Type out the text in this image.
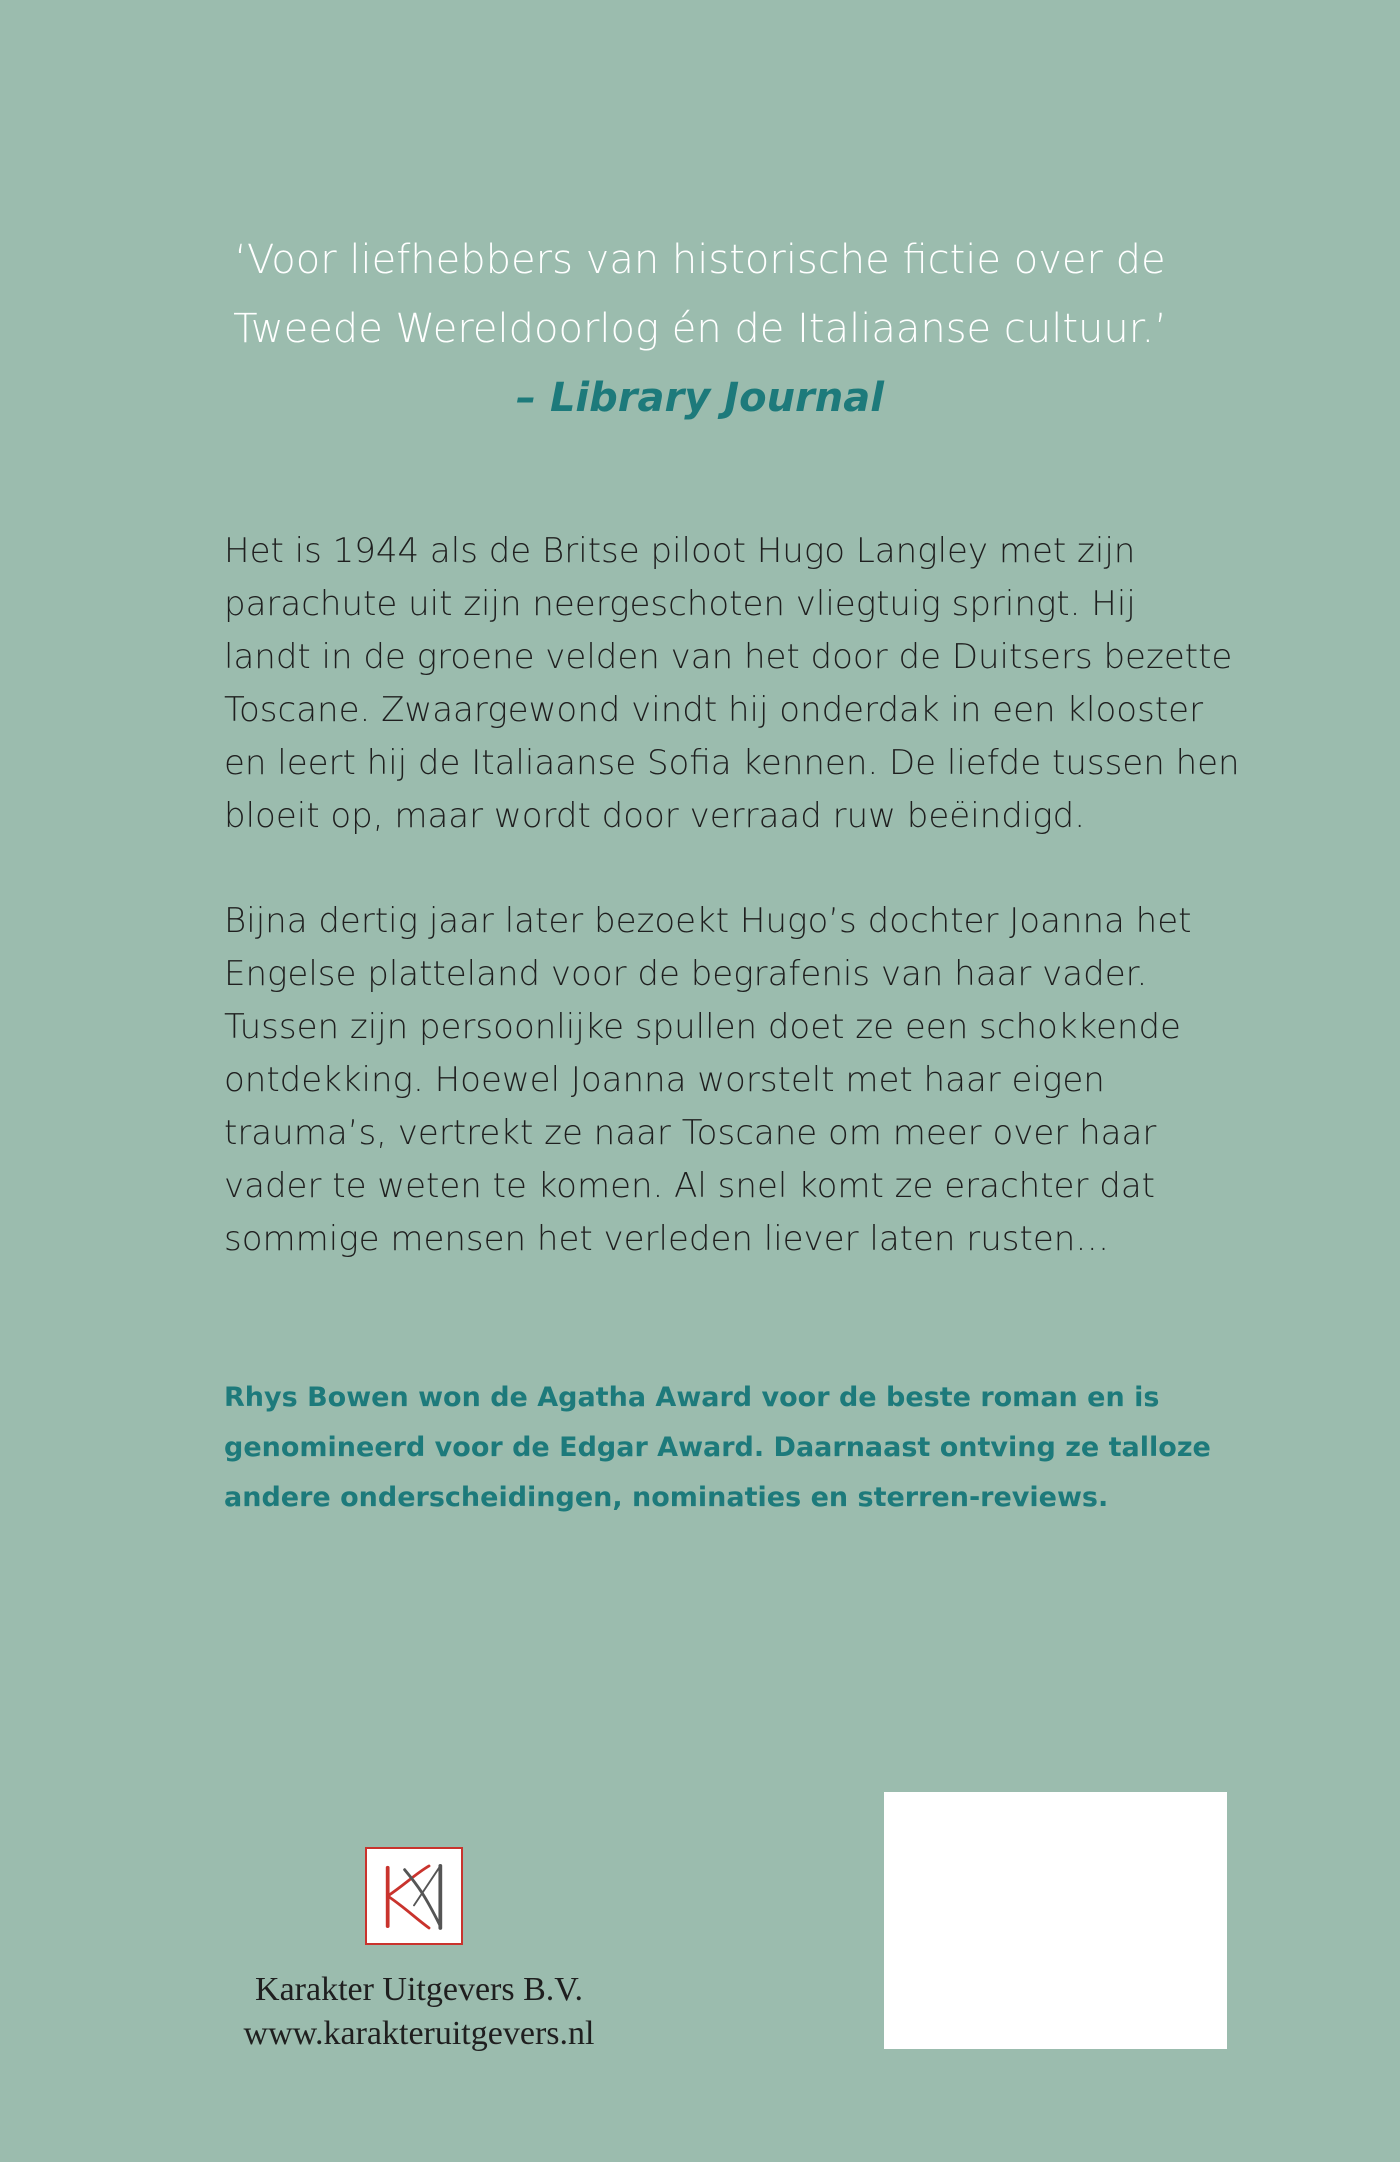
‘Voor liefhebbers van historische fictie over de
Tweede Wereldoorlog én de Italiaanse cultuur.’
– Library Journal
Het is 1944 als de Britse piloot Hugo Langley met zijn
parachute uit zijn neergeschoten vliegtuig springt. Hij
landt in de groene velden van het door de Duitsers bezette
Toscane. Zwaargewond vindt hij onderdak in een klooster
en leert hij de Italiaanse Sofia kennen. De liefde tussen hen
bloeit op, maar wordt door verraad ruw beëindigd.
Bijna dertig jaar later bezoekt Hugo’s dochter Joanna het
Engelse platteland voor de begrafenis van haar vader.
Tussen zijn persoonlijke spullen doet ze een schokkende
ontdekking. Hoewel Joanna worstelt met haar eigen
trauma’s, vertrekt ze naar Toscane om meer over haar
vader te weten te komen. Al snel komt ze erachter dat
sommige mensen het verleden liever laten rusten…
Rhys Bowen won de Agatha Award voor de beste roman en is
genomineerd voor de Edgar Award. Daarnaast ontving ze talloze
andere onderscheidingen, nominaties en sterren-reviews.
Karakter Uitgevers B.V.
www.karakteruitgevers.nl
